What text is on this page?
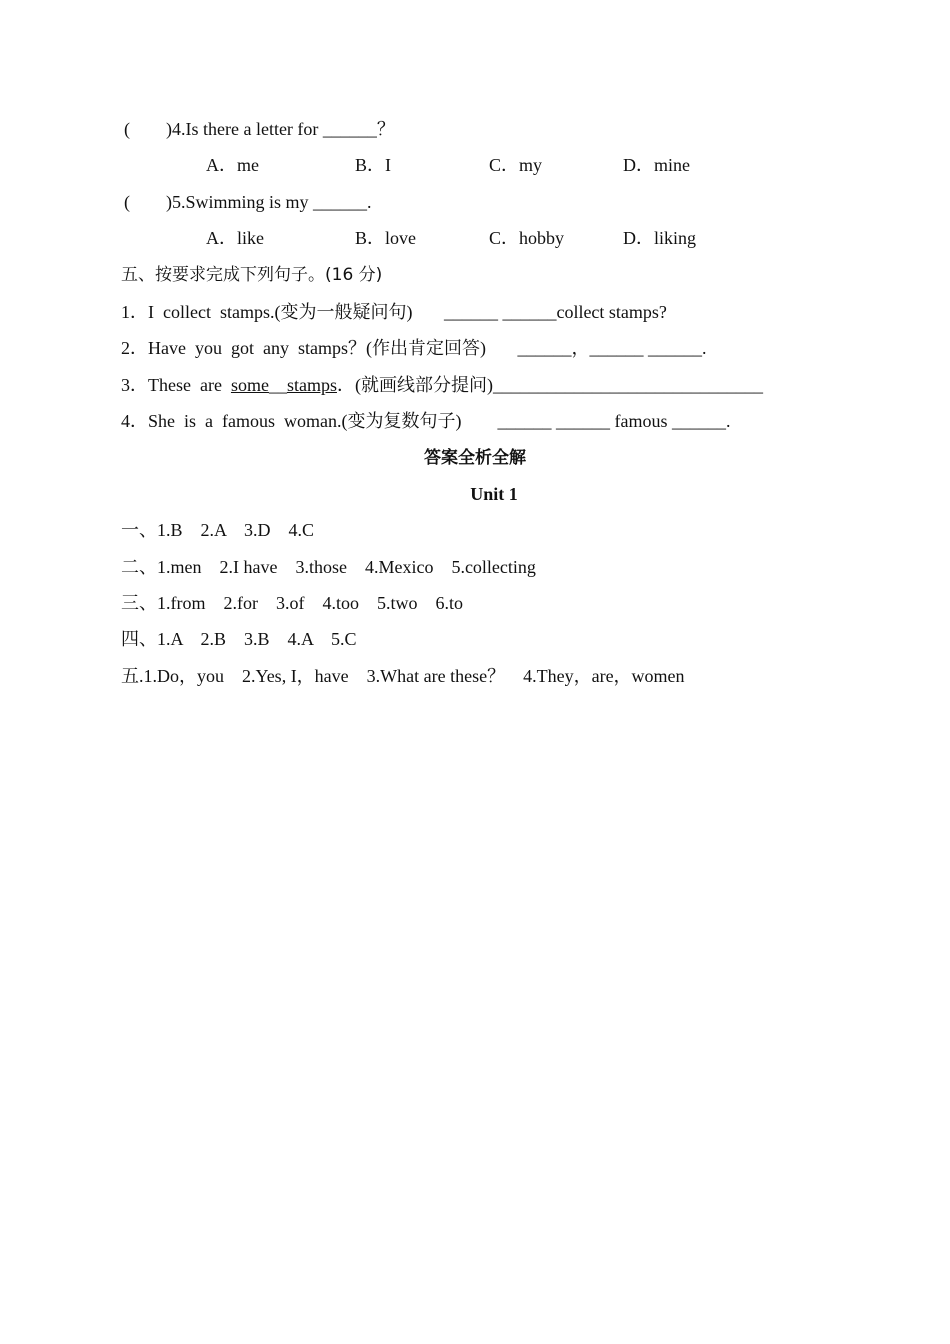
(        )4.Is there a letter for ______？
A．me	B．I	C．my	D．mine
(        )5.Swimming is my ______.
A．like	B．love	C．hobby	D．liking
五、按要求完成下列句子。(16 分)
1．I  collect  stamps.(变为一般疑问句)       ______ ______collect stamps?
2．Have  you  got  any  stamps？(作出肯定回答)       ______，______ ______.
3．These  are  some__stamps．(就画线部分提问)______________________________
4．She  is  a  famous  woman.(变为复数句子)        ______ ______ famous ______.
答案全析全解
Unit 1
一、1.B    2.A    3.D    4.C
二、1.men    2.I have    3.those    4.Mexico    5.collecting
三、1.from    2.for    3.of    4.too    5.two    6.to
四、1.A    2.B    3.B    4.A    5.C
五.1.Do，you    2.Yes, I，have    3.What are these？    4.They，are，women
